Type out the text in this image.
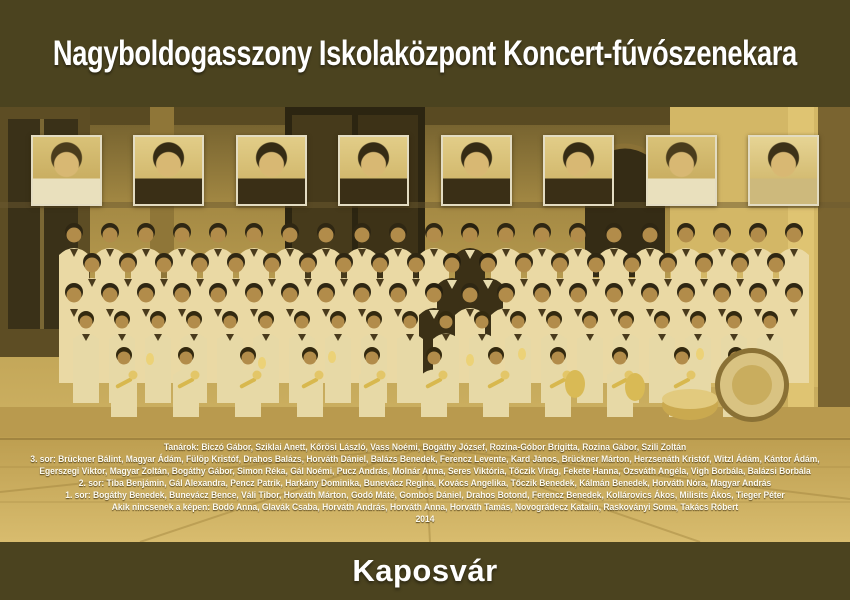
Nagyboldogasszony Iskolaközpont Koncert-fúvószenekara
Tanárok: Biczó Gábor, Sziklai Anett, Kőrösi László, Vass Noémi, Bogáthy József, Rozina-Góbor Brigitta, Rozina Gábor, Szili Zoltán
3. sor: Brückner Bálint, Magyar Ádám, Fülöp Kristóf, Drahos Balázs, Horváth Dániel, Balázs Benedek, Ferencz Levente, Kard János, Brückner Márton, Herzsenáth Kristóf, Witzl Ádám, Kántor Ádám,
Egerszegi Viktor, Magyar Zoltán, Bogáthy Gábor, Simon Réka, Gál Noémi, Pucz András, Molnár Anna, Seres Viktória, Tőczik Virág, Fekete Hanna, Ozsváth Angéla, Vigh Borbála, Balázsi Borbála
2. sor: Tiba Benjámin, Gál Alexandra, Pencz Patrik, Harkány Dominika, Bunevácz Regina, Kovács Angelika, Tőczik Benedek, Kálmán Benedek, Horváth Nóra, Magyar András
1. sor: Bogáthy Benedek, Bunevácz Bence, Váli Tibor, Horváth Márton, Godó Máté, Gombos Dániel, Drahos Botond, Ferencz Benedek, Kollárovics Ákos, Milisits Ákos, Tieger Péter
Akik nincsenek a képen: Bodó Anna, Glavák Csaba, Horváth András, Horváth Anna, Horváth Tamás, Novográdecz Katalin, Raskoványi Soma, Takács Róbert
2014
Kaposvár
